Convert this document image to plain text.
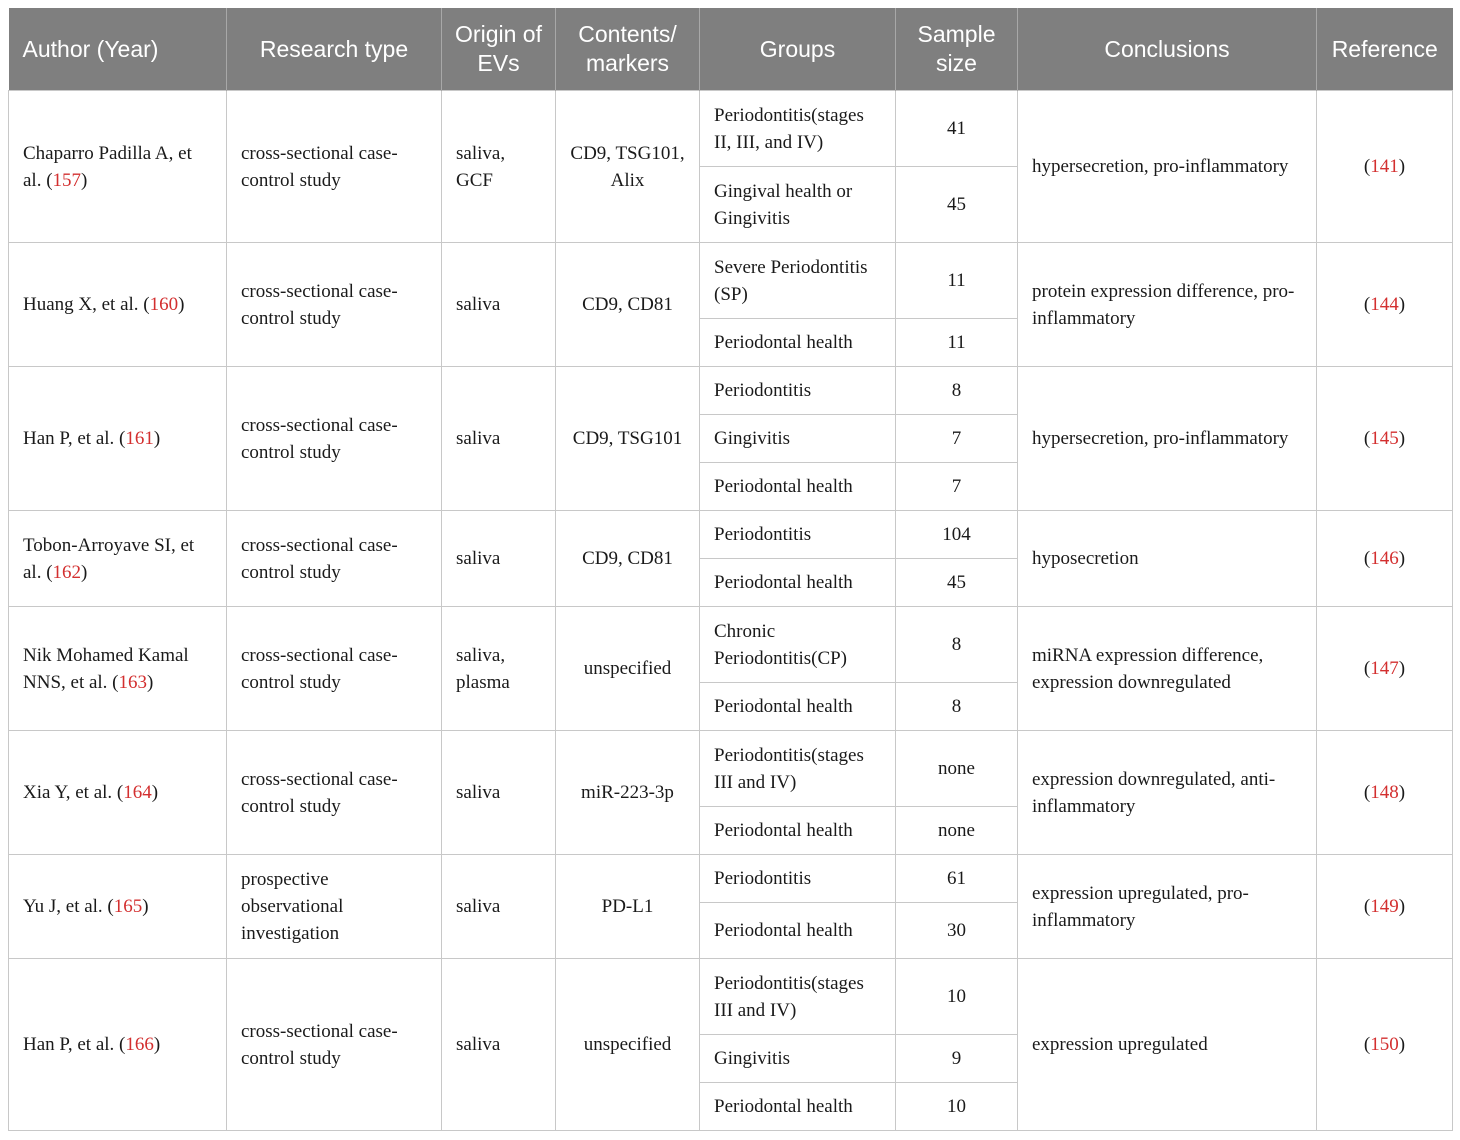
Author (Year)	Research type	Origin of EVs	Contents/ markers	Groups	Sample size	Conclusions	Reference
Chaparro Padilla A, et al. (157)	cross-sectional case-control study	saliva, GCF	CD9, TSG101, Alix	Periodontitis(stages II, III, and IV)	41	hypersecretion, pro-inflammatory	(141)
				Gingival health or Gingivitis	45		
Huang X, et al. (160)	cross-sectional case-control study	saliva	CD9, CD81	Severe Periodontitis (SP)	11	protein expression difference, pro-inflammatory	(144)
				Periodontal health	11		
Han P, et al. (161)	cross-sectional case-control study	saliva	CD9, TSG101	Periodontitis	8	hypersecretion, pro-inflammatory	(145)
				Gingivitis	7		
				Periodontal health	7		
Tobon-Arroyave SI, et al. (162)	cross-sectional case-control study	saliva	CD9, CD81	Periodontitis	104	hyposecretion	(146)
				Periodontal health	45		
Nik Mohamed Kamal NNS, et al. (163)	cross-sectional case-control study	saliva, plasma	unspecified	Chronic Periodontitis(CP)	8	miRNA expression difference, expression downregulated	(147)
				Periodontal health	8		
Xia Y, et al. (164)	cross-sectional case-control study	saliva	miR-223-3p	Periodontitis(stages III and IV)	none	expression downregulated, anti-inflammatory	(148)
				Periodontal health	none		
Yu J, et al. (165)	prospective observational investigation	saliva	PD-L1	Periodontitis	61	expression upregulated, pro-inflammatory	(149)
				Periodontal health	30		
Han P, et al. (166)	cross-sectional case-control study	saliva	unspecified	Periodontitis(stages III and IV)	10	expression upregulated	(150)
				Gingivitis	9		
				Periodontal health	10		
